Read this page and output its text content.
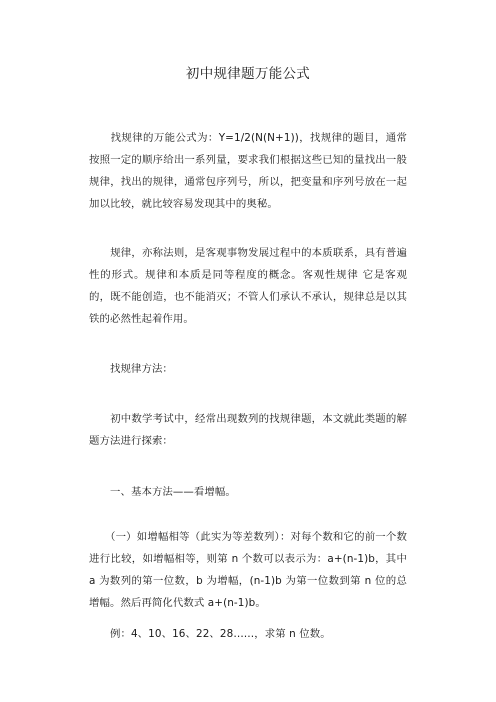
初中规律题万能公式

　　找规律的万能公式为：Y=1/2(N(N+1))，找规律的题目，通常按照一定的顺序给出一系列量，要求我们根据这些已知的量找出一般规律，找出的规律，通常包序列号，所以，把变量和序列号放在一起加以比较，就比较容易发现其中的奥秘。

　　规律，亦称法则，是客观事物发展过程中的本质联系，具有普遍性的形式。规律和本质是同等程度的概念。客观性规律 它是客观的，既不能创造，也不能消灭；不管人们承认不承认，规律总是以其铁的必然性起着作用。

　　找规律方法：

　　初中数学考试中，经常出现数列的找规律题，本文就此类题的解题方法进行探索：

　　一、基本方法——看增幅。

　　（一）如增幅相等（此实为等差数列）：对每个数和它的前一个数进行比较，如增幅相等，则第 n 个数可以表示为：a+(n-1)b，其中 a 为数列的第一位数，b 为增幅，(n-1)b 为第一位数到第 n 位的总增幅。然后再简化代数式 a+(n-1)b。

　　例：4、10、16、22、28……，求第 n 位数。
